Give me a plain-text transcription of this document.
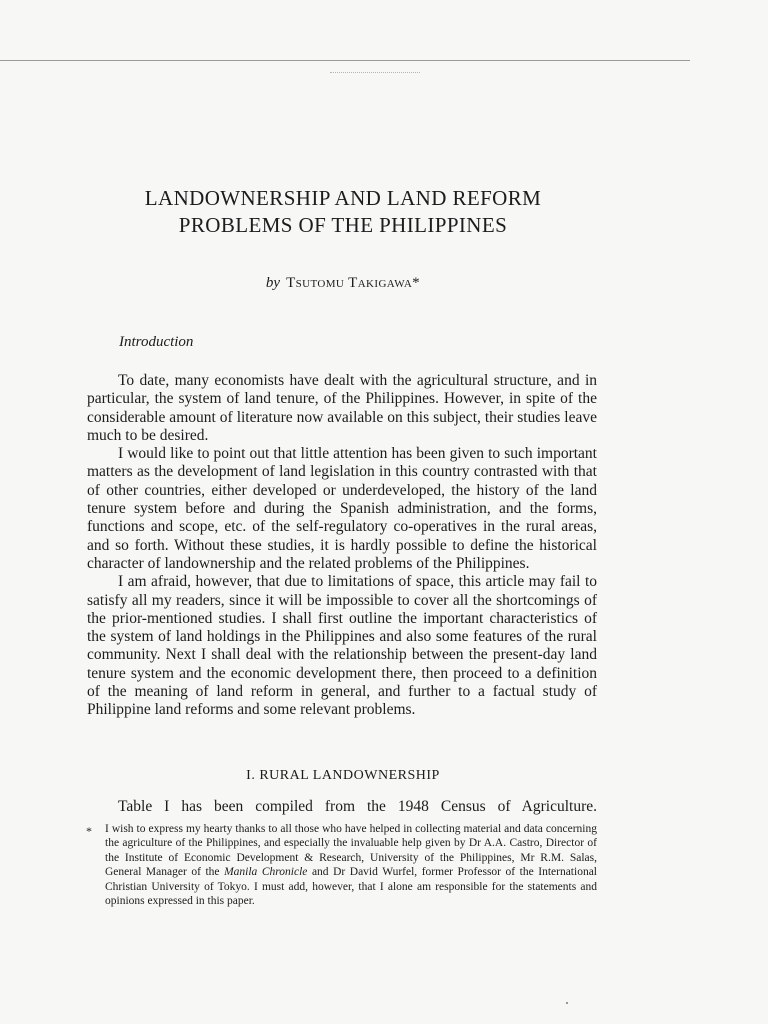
LANDOWNERSHIP AND LAND REFORM
PROBLEMS OF THE PHILIPPINES
by Tsutomu Takigawa*
Introduction

To date, many economists have dealt with the agricultural structure, and in particular, the system of land tenure, of the Philippines. However, in spite of the considerable amount of literature now available on this subject, their studies leave much to be desired.

I would like to point out that little attention has been given to such important matters as the development of land legislation in this country contrasted with that of other countries, either developed or underdeveloped, the history of the land tenure system before and during the Spanish administration, and the forms, functions and scope, etc. of the self-regulatory co-operatives in the rural areas, and so forth. Without these studies, it is hardly possible to define the historical character of landownership and the related problems of the Philippines.

I am afraid, however, that due to limitations of space, this article may fail to satisfy all my readers, since it will be impossible to cover all the shortcomings of the prior-mentioned studies. I shall first outline the important characteristics of the system of land holdings in the Philippines and also some features of the rural community. Next I shall deal with the relationship between the present-day land tenure system and the economic development there, then proceed to a definition of the meaning of land reform in general, and further to a factual study of Philippine land reforms and some relevant problems.

I. RURAL LANDOWNERSHIP
Table I has been compiled from the 1948 Census of Agriculture.
* I wish to express my hearty thanks to all those who have helped in collecting material and data concerning the agriculture of the Philippines, and especially the invaluable help given by Dr A.A. Castro, Director of the Institute of Economic Development & Research, University of the Philippines, Mr R.M. Salas, General Manager of the Manila Chronicle and Dr David Wurfel, former Professor of the International Christian University of Tokyo. I must add, however, that I alone am responsible for the statements and opinions expressed in this paper.
